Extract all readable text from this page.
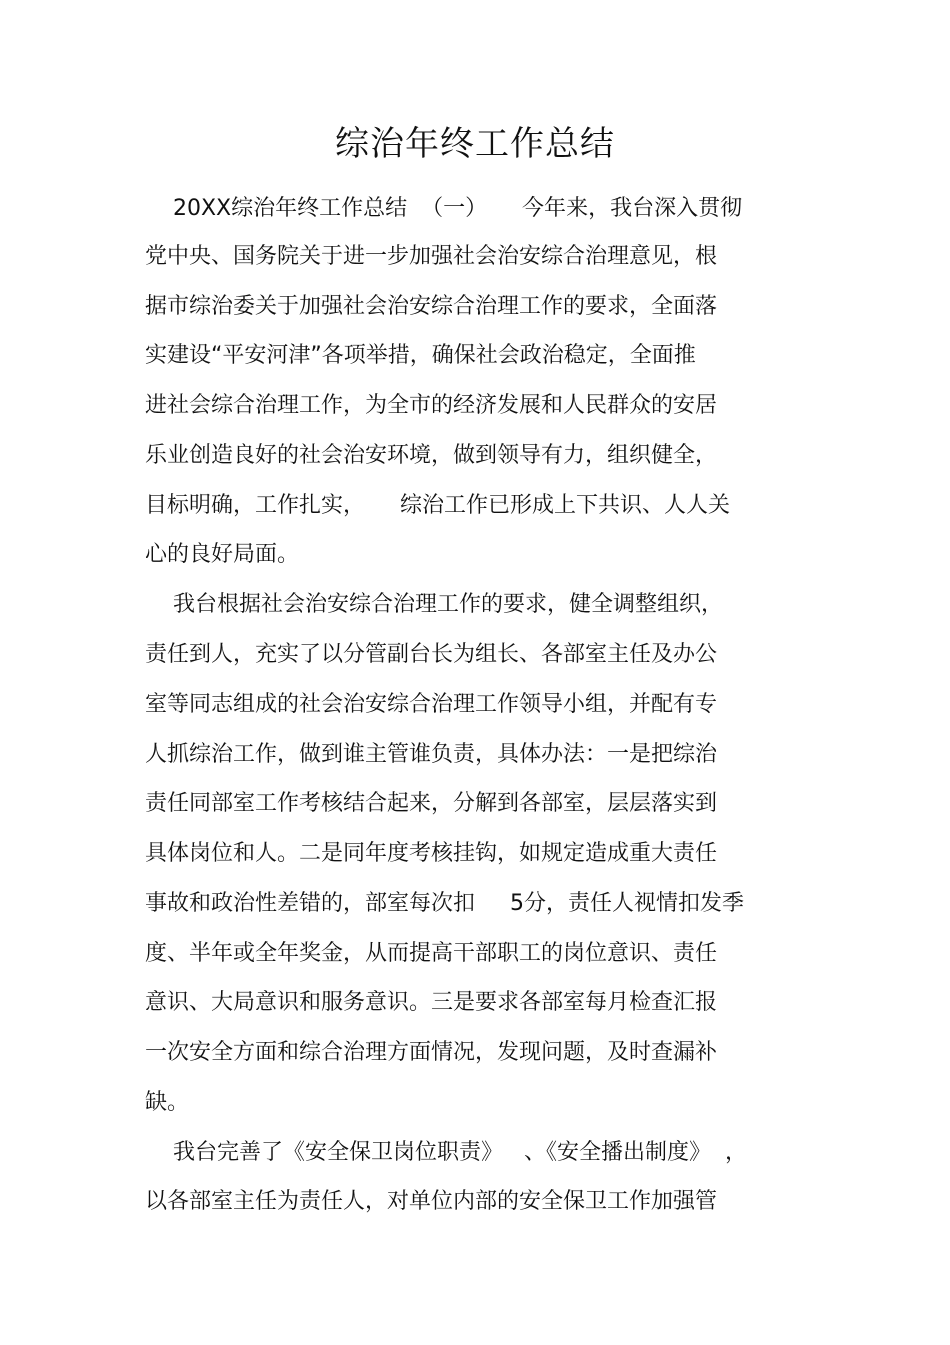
综治年终工作总结

20XX综治年终工作总结  （一）     今年来，我台深入贯彻

党中央、国务院关于进一步加强社会治安综合治理意见，根

据市综治委关于加强社会治安综合治理工作的要求，全面落

实建设“平安河津”各项举措，确保社会政治稳定，全面推

进社会综合治理工作，为全市的经济发展和人民群众的安居

乐业创造良好的社会治安环境，做到领导有力，组织健全，

目标明确，工作扎实，     综治工作已形成上下共识、人人关

心的良好局面。

我台根据社会治安综合治理工作的要求，健全调整组织，

责任到人，充实了以分管副台长为组长、各部室主任及办公

室等同志组成的社会治安综合治理工作领导小组，并配有专

人抓综治工作，做到谁主管谁负责，具体办法：一是把综治

责任同部室工作考核结合起来，分解到各部室，层层落实到

具体岗位和人。二是同年度考核挂钩，如规定造成重大责任

事故和政治性差错的，部室每次扣     5分，责任人视情扣发季

度、半年或全年奖金，从而提高干部职工的岗位意识、责任

意识、大局意识和服务意识。三是要求各部室每月检查汇报

一次安全方面和综合治理方面情况，发现问题，及时查漏补

缺。

我台完善了《安全保卫岗位职责》   、《安全播出制度》  ，

以各部室主任为责任人，对单位内部的安全保卫工作加强管
